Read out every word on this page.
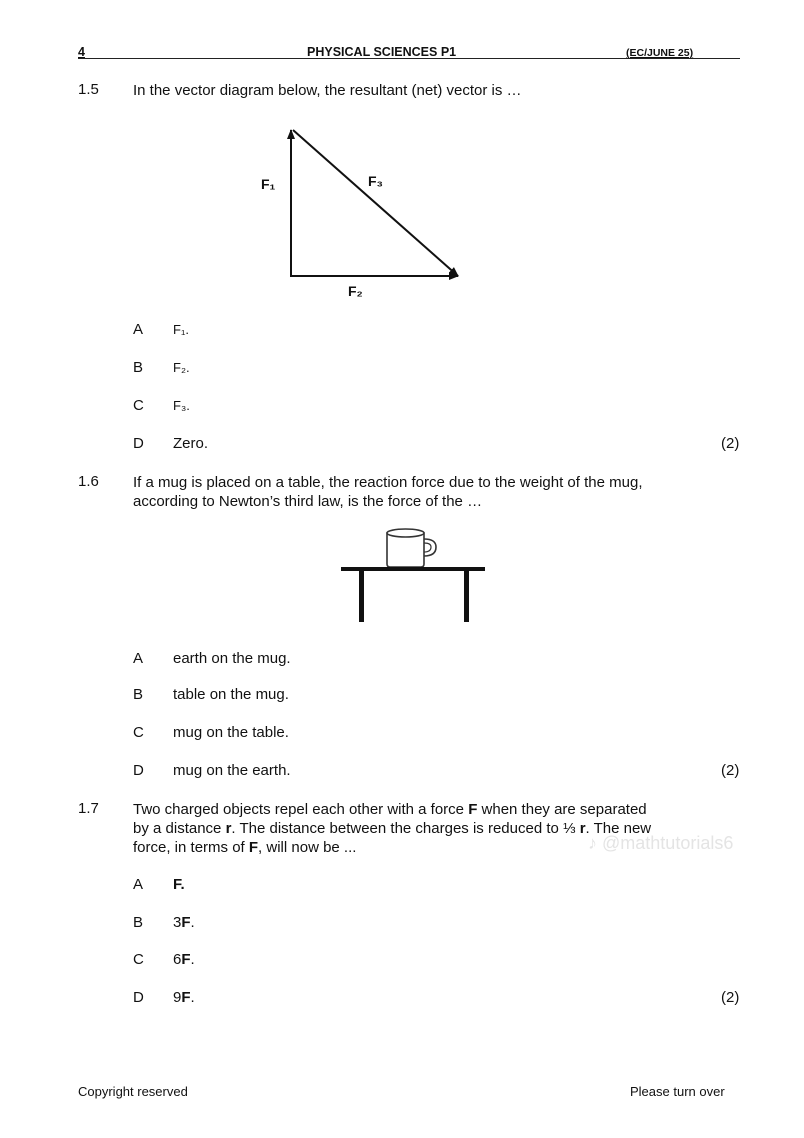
4	PHYSICAL SCIENCES P1	(EC/JUNE 25)
1.5 In the vector diagram below, the resultant (net) vector is …
F₁	F₃
F₂
A F₁.
B F₂.
C F₃.
D Zero.	(2)
1.6 If a mug is placed on a table, the reaction force due to the weight of the mug,
according to Newton’s third law, is the force of the …
A earth on the mug.
B table on the mug.
C mug on the table.
D mug on the earth.	(2)
1.7 Two charged objects repel each other with a force F when they are separated
by a distance r. The distance between the charges is reduced to ⅓ r. The new
force, in terms of F, will now be ...	♪ @mathtutorials6
A F.
B 3F.
C 6F.
D 9F.	(2)
Copyright reserved	Please turn over
